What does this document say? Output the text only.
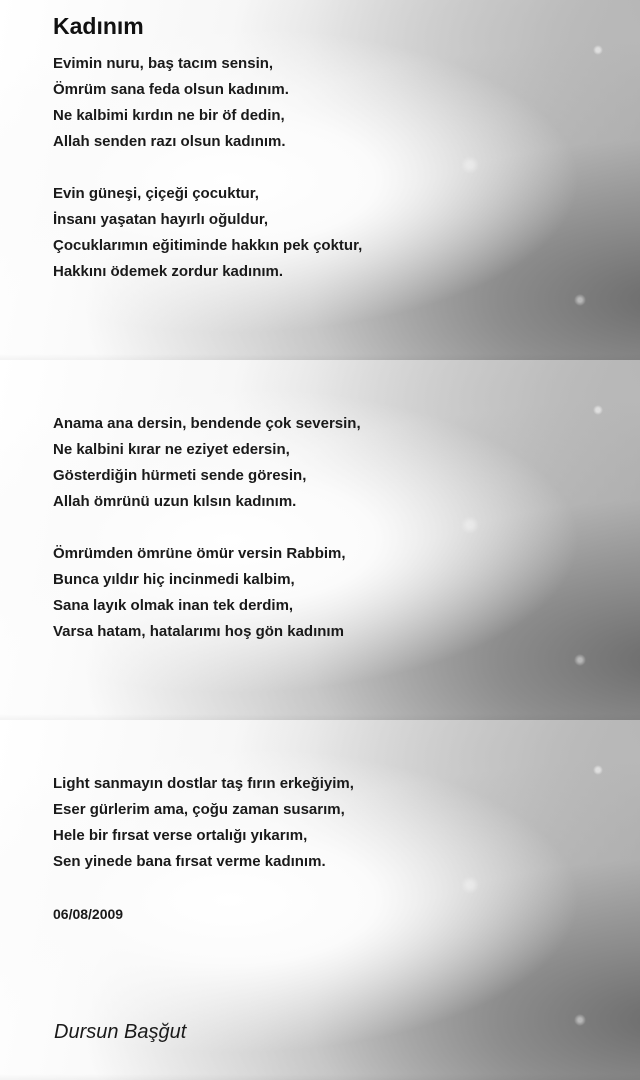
Kadınım
Evimin nuru, baş tacım sensin,
Ömrüm sana feda olsun kadınım.
Ne kalbimi kırdın ne bir öf dedin,
Allah senden razı olsun kadınım.
Evin güneşi, çiçeği çocuktur,
İnsanı yaşatan hayırlı oğuldur,
Çocuklarımın eğitiminde hakkın pek çoktur,
Hakkını ödemek zordur kadınım.
Anama ana dersin, bendende çok seversin,
Ne kalbini kırar ne eziyet edersin,
Gösterdiğin hürmeti sende göresin,
Allah ömrünü uzun kılsın kadınım.
Ömrümden ömrüne ömür versin Rabbim,
Bunca yıldır hiç incinmedi kalbim,
Sana layık olmak inan tek derdim,
Varsa hatam, hatalarımı hoş gön kadınım
Light sanmayın dostlar taş fırın erkeğiyim,
Eser gürlerim ama, çoğu zaman susarım,
Hele bir fırsat verse ortalığı yıkarım,
Sen yinede bana fırsat verme kadınım.

06/08/2009

Dursun Başğut
